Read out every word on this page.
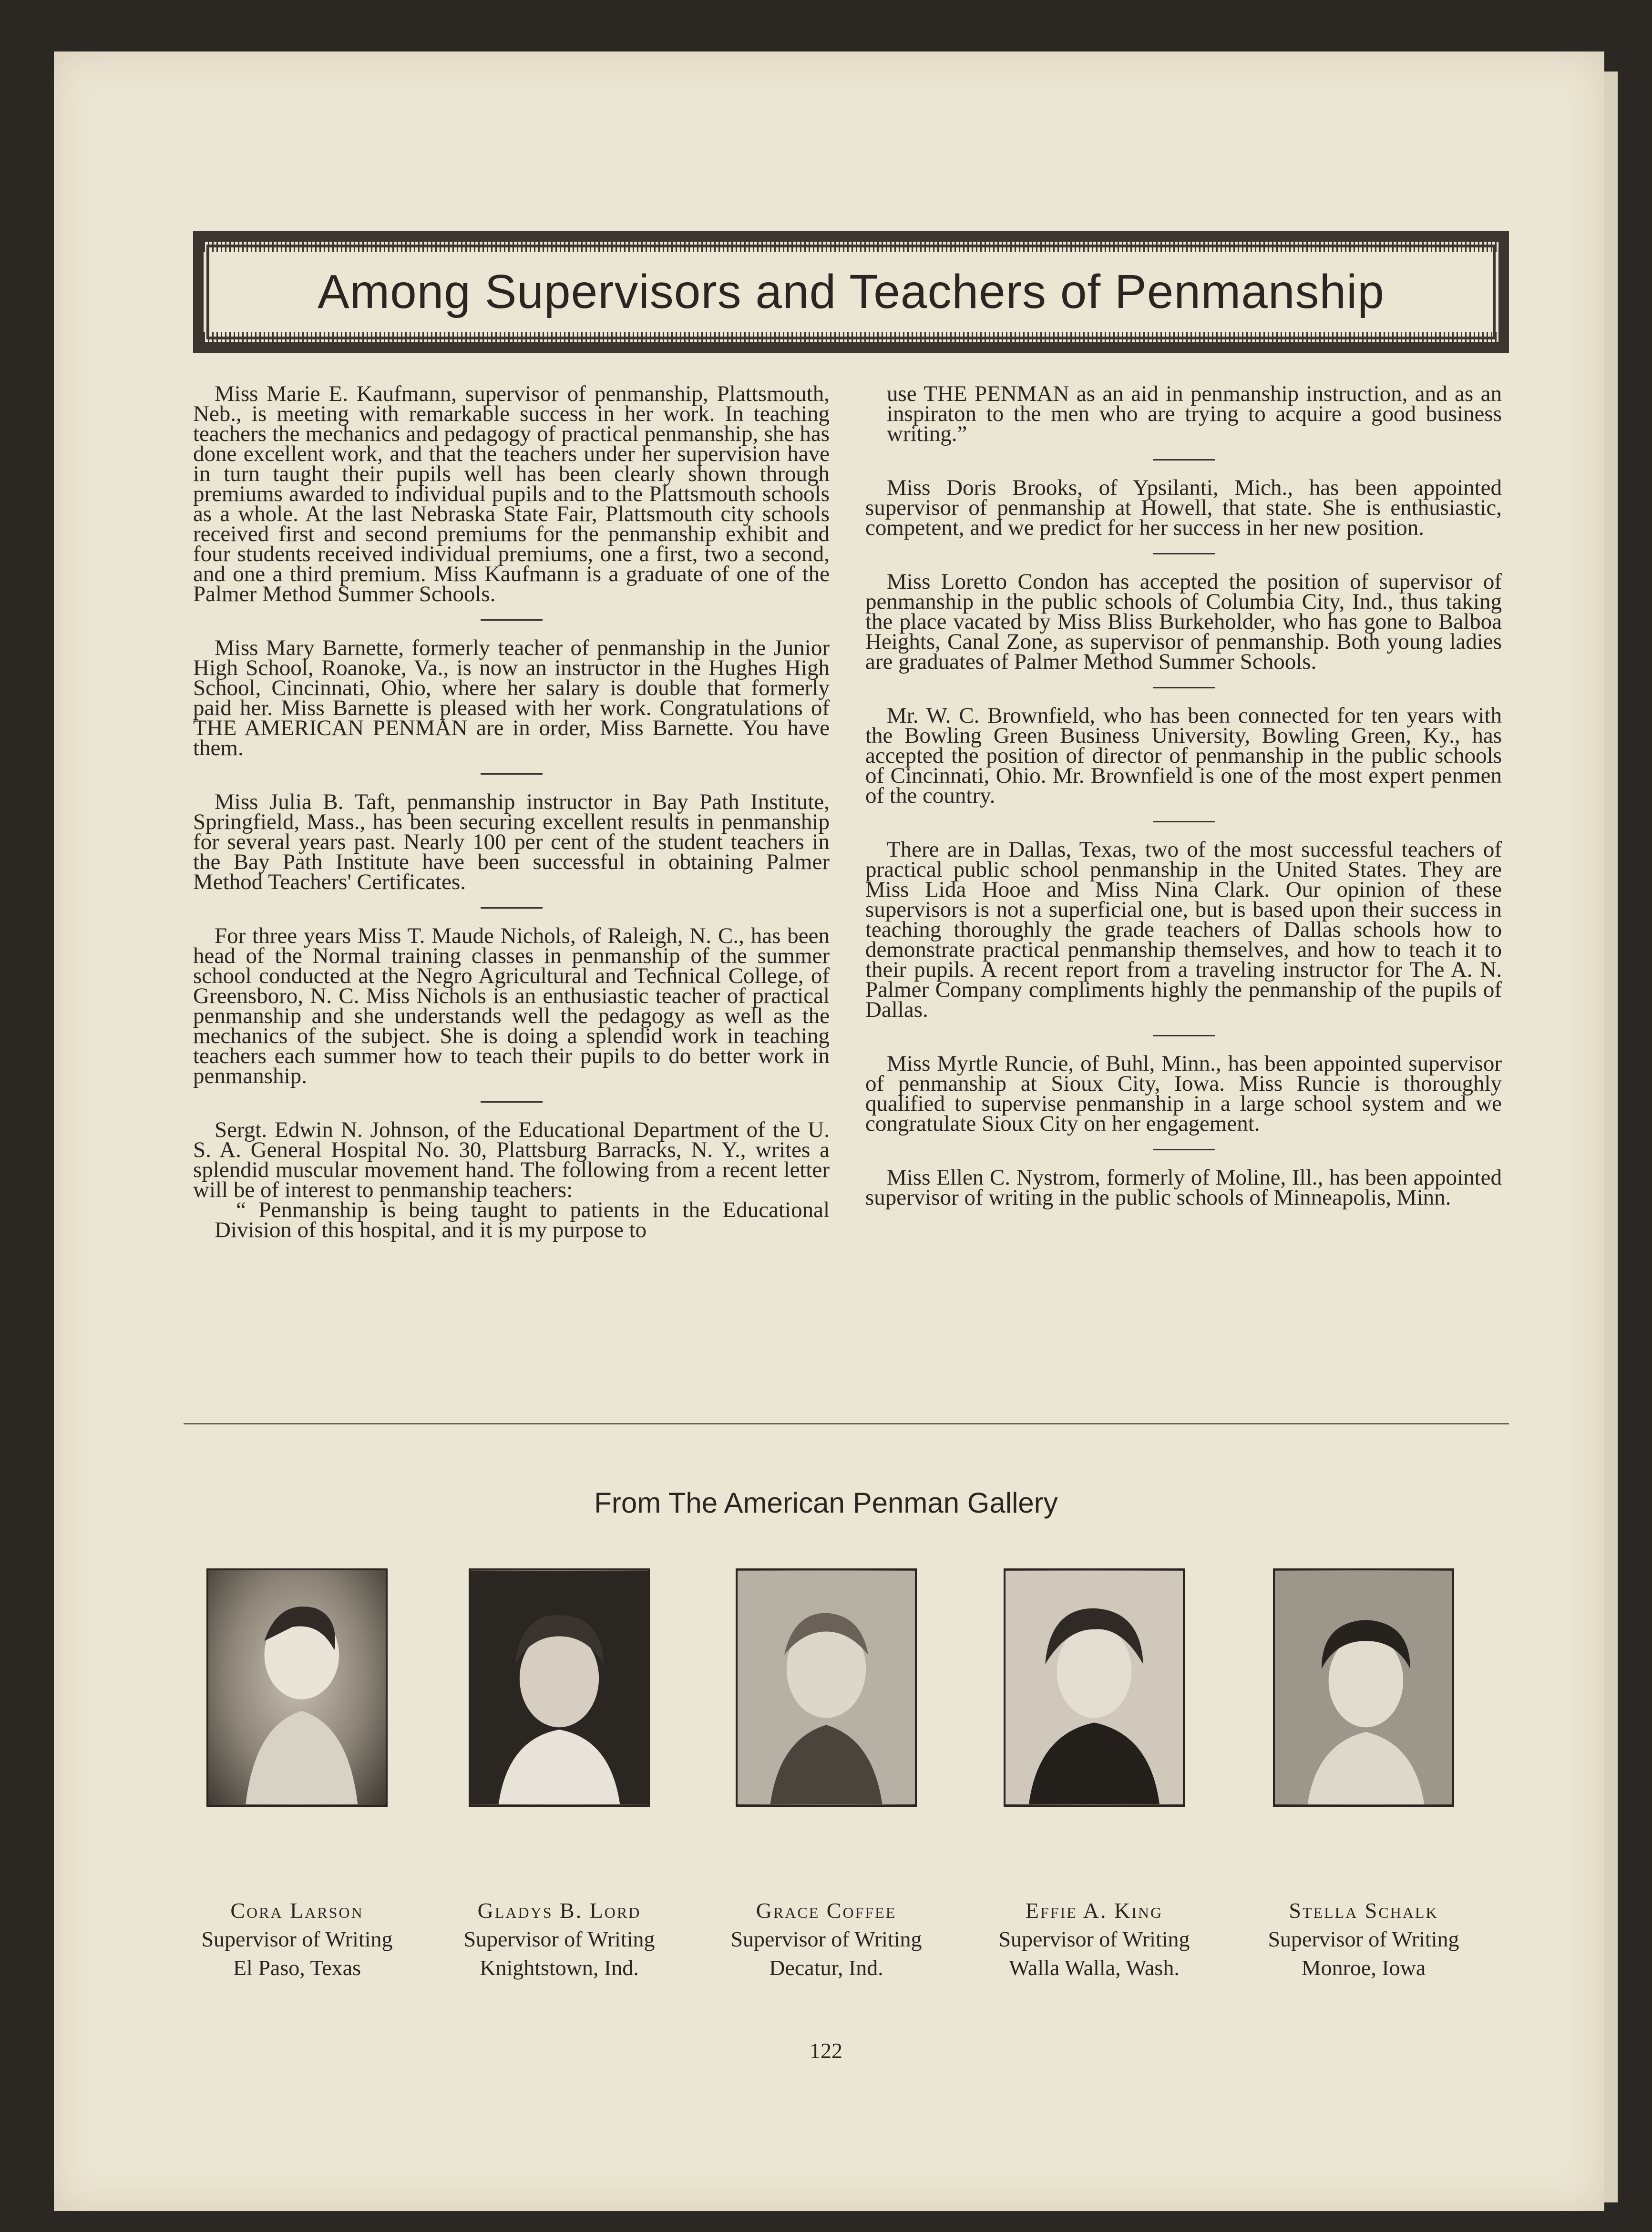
Among Supervisors and Teachers of Penmanship

Miss Marie E. Kaufmann, supervisor of penmanship, Plattsmouth, Neb., is meeting with remarkable success in her work. In teaching teachers the mechanics and pedagogy of practical penmanship, she has done excellent work, and that the teachers under her supervision have in turn taught their pupils well has been clearly shown through premiums awarded to individual pupils and to the Plattsmouth schools as a whole. At the last Nebraska State Fair, Plattsmouth city schools received first and second premiums for the penmanship exhibit and four students received individual premiums, one a first, two a second, and one a third premium. Miss Kaufmann is a graduate of one of the Palmer Method Summer Schools.

Miss Mary Barnette, formerly teacher of penmanship in the Junior High School, Roanoke, Va., is now an instructor in the Hughes High School, Cincinnati, Ohio, where her salary is double that formerly paid her. Miss Barnette is pleased with her work. Congratulations of THE AMERICAN PENMAN are in order, Miss Barnette. You have them.

Miss Julia B. Taft, penmanship instructor in Bay Path Institute, Springfield, Mass., has been securing excellent results in penmanship for several years past. Nearly 100 per cent of the student teachers in the Bay Path Institute have been successful in obtaining Palmer Method Teachers' Certificates.

For three years Miss T. Maude Nichols, of Raleigh, N. C., has been head of the Normal training classes in penmanship of the summer school conducted at the Negro Agricultural and Technical College, of Greensboro, N. C. Miss Nichols is an enthusiastic teacher of practical penmanship and she understands well the pedagogy as well as the mechanics of the subject. She is doing a splendid work in teaching teachers each summer how to teach their pupils to do better work in penmanship.

Sergt. Edwin N. Johnson, of the Educational Department of the U. S. A. General Hospital No. 30, Plattsburg Barracks, N. Y., writes a splendid muscular movement hand. The following from a recent letter will be of interest to penmanship teachers:

“ Penmanship is being taught to patients in the Educational Division of this hospital, and it is my purpose to

use THE PENMAN as an aid in penmanship instruction, and as an inspiraton to the men who are trying to acquire a good business writing.”

Miss Doris Brooks, of Ypsilanti, Mich., has been appointed supervisor of penmanship at Howell, that state. She is enthusiastic, competent, and we predict for her success in her new position.

Miss Loretto Condon has accepted the position of supervisor of penmanship in the public schools of Columbia City, Ind., thus taking the place vacated by Miss Bliss Burkeholder, who has gone to Balboa Heights, Canal Zone, as supervisor of penmanship. Both young ladies are graduates of Palmer Method Summer Schools.

Mr. W. C. Brownfield, who has been connected for ten years with the Bowling Green Business University, Bowling Green, Ky., has accepted the position of director of penmanship in the public schools of Cincinnati, Ohio. Mr. Brownfield is one of the most expert penmen of the country.

There are in Dallas, Texas, two of the most successful teachers of practical public school penmanship in the United States. They are Miss Lida Hooe and Miss Nina Clark. Our opinion of these supervisors is not a superficial one, but is based upon their success in teaching thoroughly the grade teachers of Dallas schools how to demonstrate practical penmanship themselves, and how to teach it to their pupils. A recent report from a traveling instructor for The A. N. Palmer Company compliments highly the penmanship of the pupils of Dallas.

Miss Myrtle Runcie, of Buhl, Minn., has been appointed supervisor of penmanship at Sioux City, Iowa. Miss Runcie is thoroughly qualified to supervise penmanship in a large school system and we congratulate Sioux City on her engagement.

Miss Ellen C. Nystrom, formerly of Moline, Ill., has been appointed supervisor of writing in the public schools of Minneapolis, Minn.

From The American Penman Gallery
Cora Larson
Supervisor of Writing
El Paso, Texas
Gladys B. Lord
Supervisor of Writing
Knightstown, Ind.
Grace Coffee
Supervisor of Writing
Decatur, Ind.
Effie A. King
Supervisor of Writing
Walla Walla, Wash.
Stella Schalk
Supervisor of Writing
Monroe, Iowa
122
